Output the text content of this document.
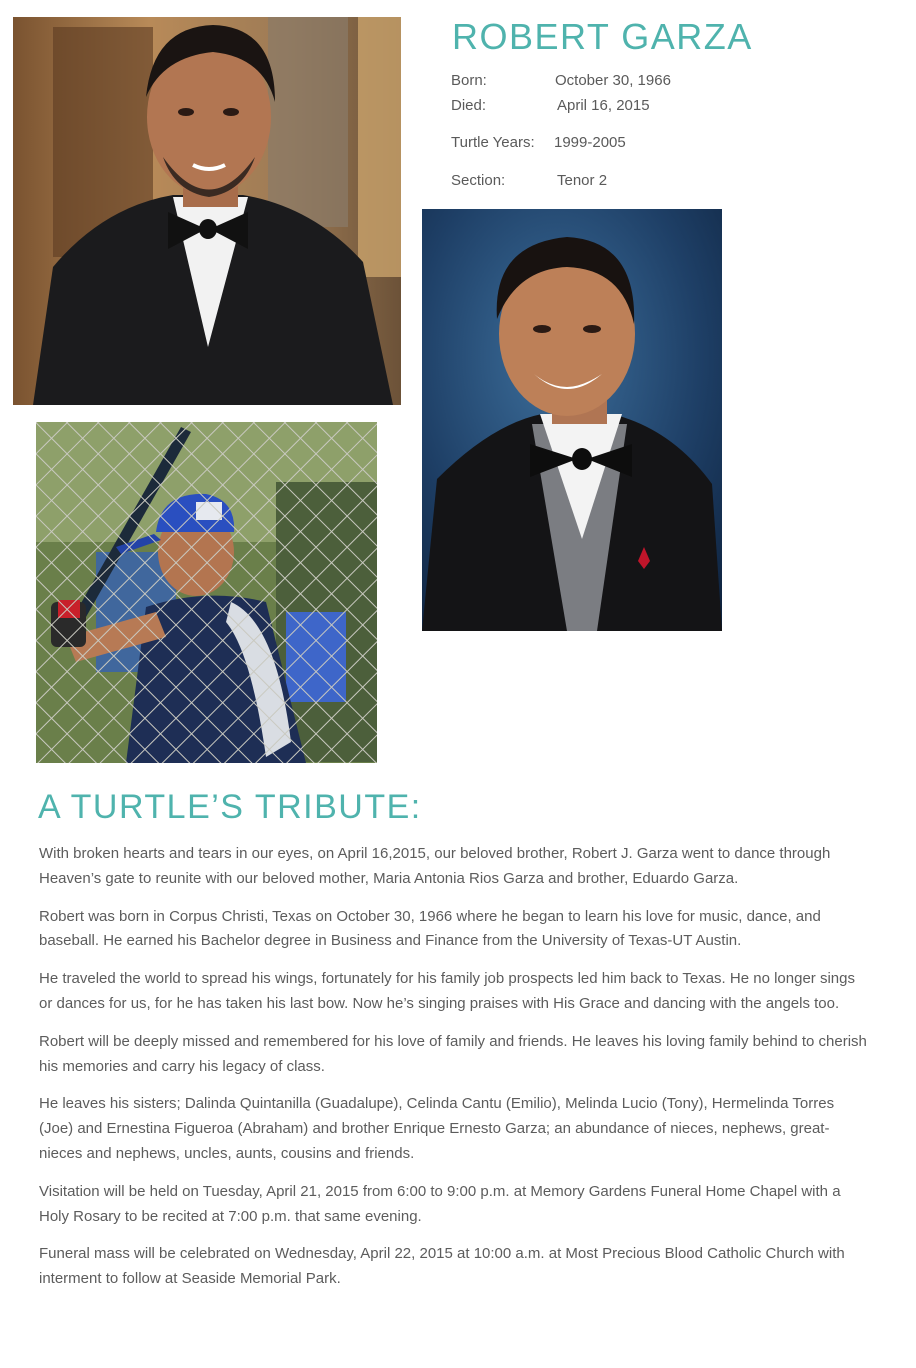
ROBERT GARZA
Born:	October 30, 1966
Died:	April 16, 2015
Turtle Years: 1999-2005
Section:	Tenor 2
A TURTLE’S TRIBUTE:

With broken hearts and tears in our eyes, on April 16,2015, our beloved brother, Robert J. Garza went to dance through Heaven’s gate to reunite with our beloved mother, Maria Antonia Rios Garza and brother, Eduardo Garza.

Robert was born in Corpus Christi, Texas on October 30, 1966 where he began to learn his love for music, dance, and baseball. He earned his Bachelor degree in Business and Finance from the University of Texas-UT Austin.

He traveled the world to spread his wings, fortunately for his family job prospects led him back to Texas. He no longer sings or dances for us, for he has taken his last bow. Now he’s singing praises with His Grace and dancing with the angels too.

Robert will be deeply missed and remembered for his love of family and friends. He leaves his loving family behind to cherish his memories and carry his legacy of class.

He leaves his sisters; Dalinda Quintanilla (Guadalupe), Celinda Cantu (Emilio), Melinda Lucio (Tony), Hermelinda Torres (Joe) and Ernestina Figueroa (Abraham) and brother Enrique Ernesto Garza; an abundance of nieces, nephews, great-nieces and nephews, uncles, aunts, cousins and friends.

Visitation will be held on Tuesday, April 21, 2015 from 6:00 to 9:00 p.m. at Memory Gardens Funeral Home Chapel with a Holy Rosary to be recited at 7:00 p.m. that same evening.

Funeral mass will be celebrated on Wednesday, April 22, 2015 at 10:00 a.m. at Most Precious Blood Catholic Church with interment to follow at Seaside Memorial Park.
